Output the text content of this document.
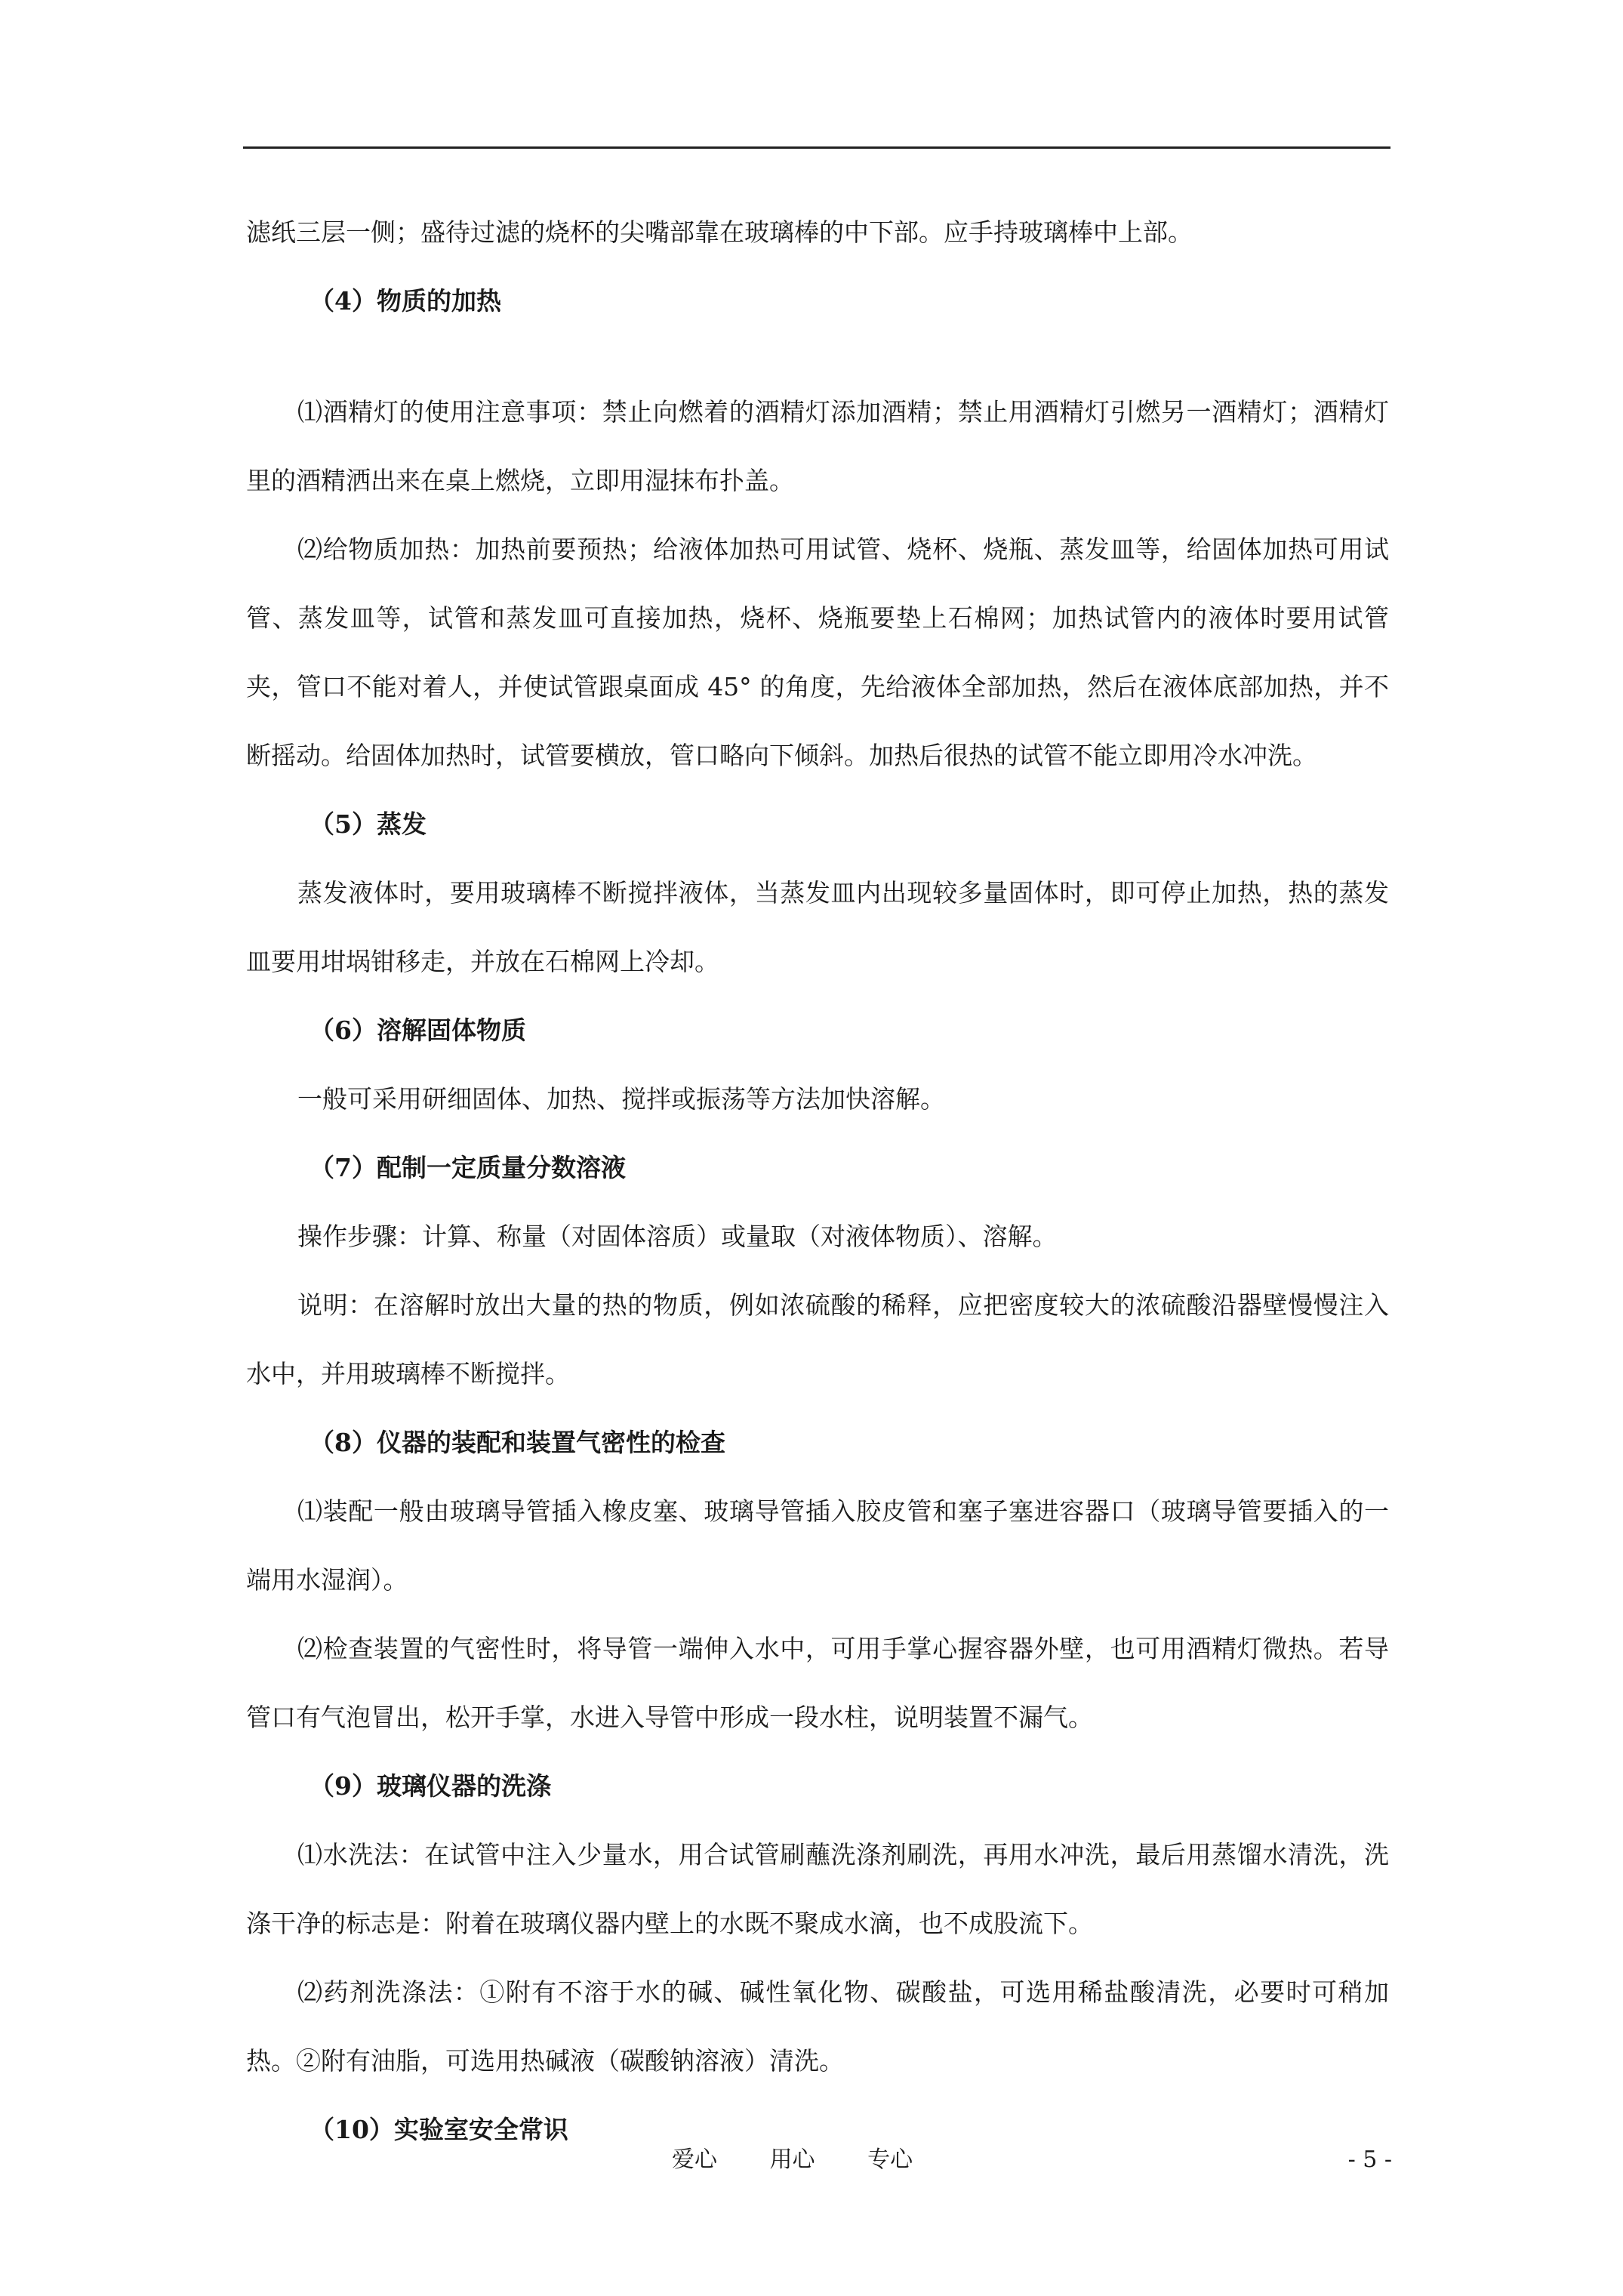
滤纸三层一侧；盛待过滤的烧杯的尖嘴部靠在玻璃棒的中下部。应手持玻璃棒中上部。

（4）物质的加热

⑴酒精灯的使用注意事项：禁止向燃着的酒精灯添加酒精；禁止用酒精灯引燃另一酒精灯；酒精灯里的酒精洒出来在桌上燃烧，立即用湿抹布扑盖。

⑵给物质加热：加热前要预热；给液体加热可用试管、烧杯、烧瓶、蒸发皿等，给固体加热可用试管、蒸发皿等，试管和蒸发皿可直接加热，烧杯、烧瓶要垫上石棉网；加热试管内的液体时要用试管夹，管口不能对着人，并使试管跟桌面成 45° 的角度，先给液体全部加热，然后在液体底部加热，并不断摇动。给固体加热时，试管要横放，管口略向下倾斜。加热后很热的试管不能立即用冷水冲洗。

（5）蒸发

蒸发液体时，要用玻璃棒不断搅拌液体，当蒸发皿内出现较多量固体时，即可停止加热，热的蒸发皿要用坩埚钳移走，并放在石棉网上冷却。

（6）溶解固体物质

一般可采用研细固体、加热、搅拌或振荡等方法加快溶解。

（7）配制一定质量分数溶液

操作步骤：计算、称量（对固体溶质）或量取（对液体物质）、溶解。

说明：在溶解时放出大量的热的物质，例如浓硫酸的稀释，应把密度较大的浓硫酸沿器壁慢慢注入水中，并用玻璃棒不断搅拌。

（8）仪器的装配和装置气密性的检查

⑴装配一般由玻璃导管插入橡皮塞、玻璃导管插入胶皮管和塞子塞进容器口（玻璃导管要插入的一端用水湿润）。

⑵检查装置的气密性时，将导管一端伸入水中，可用手掌心握容器外壁，也可用酒精灯微热。若导管口有气泡冒出，松开手掌，水进入导管中形成一段水柱，说明装置不漏气。

（9）玻璃仪器的洗涤

⑴水洗法：在试管中注入少量水，用合试管刷蘸洗涤剂刷洗，再用水冲洗，最后用蒸馏水清洗，洗涤干净的标志是：附着在玻璃仪器内壁上的水既不聚成水滴，也不成股流下。

⑵药剂洗涤法：①附有不溶于水的碱、碱性氧化物、碳酸盐，可选用稀盐酸清洗，必要时可稍加热。②附有油脂，可选用热碱液（碳酸钠溶液）清洗。

（10）实验室安全常识
爱心 用心 专心	- 5 -
